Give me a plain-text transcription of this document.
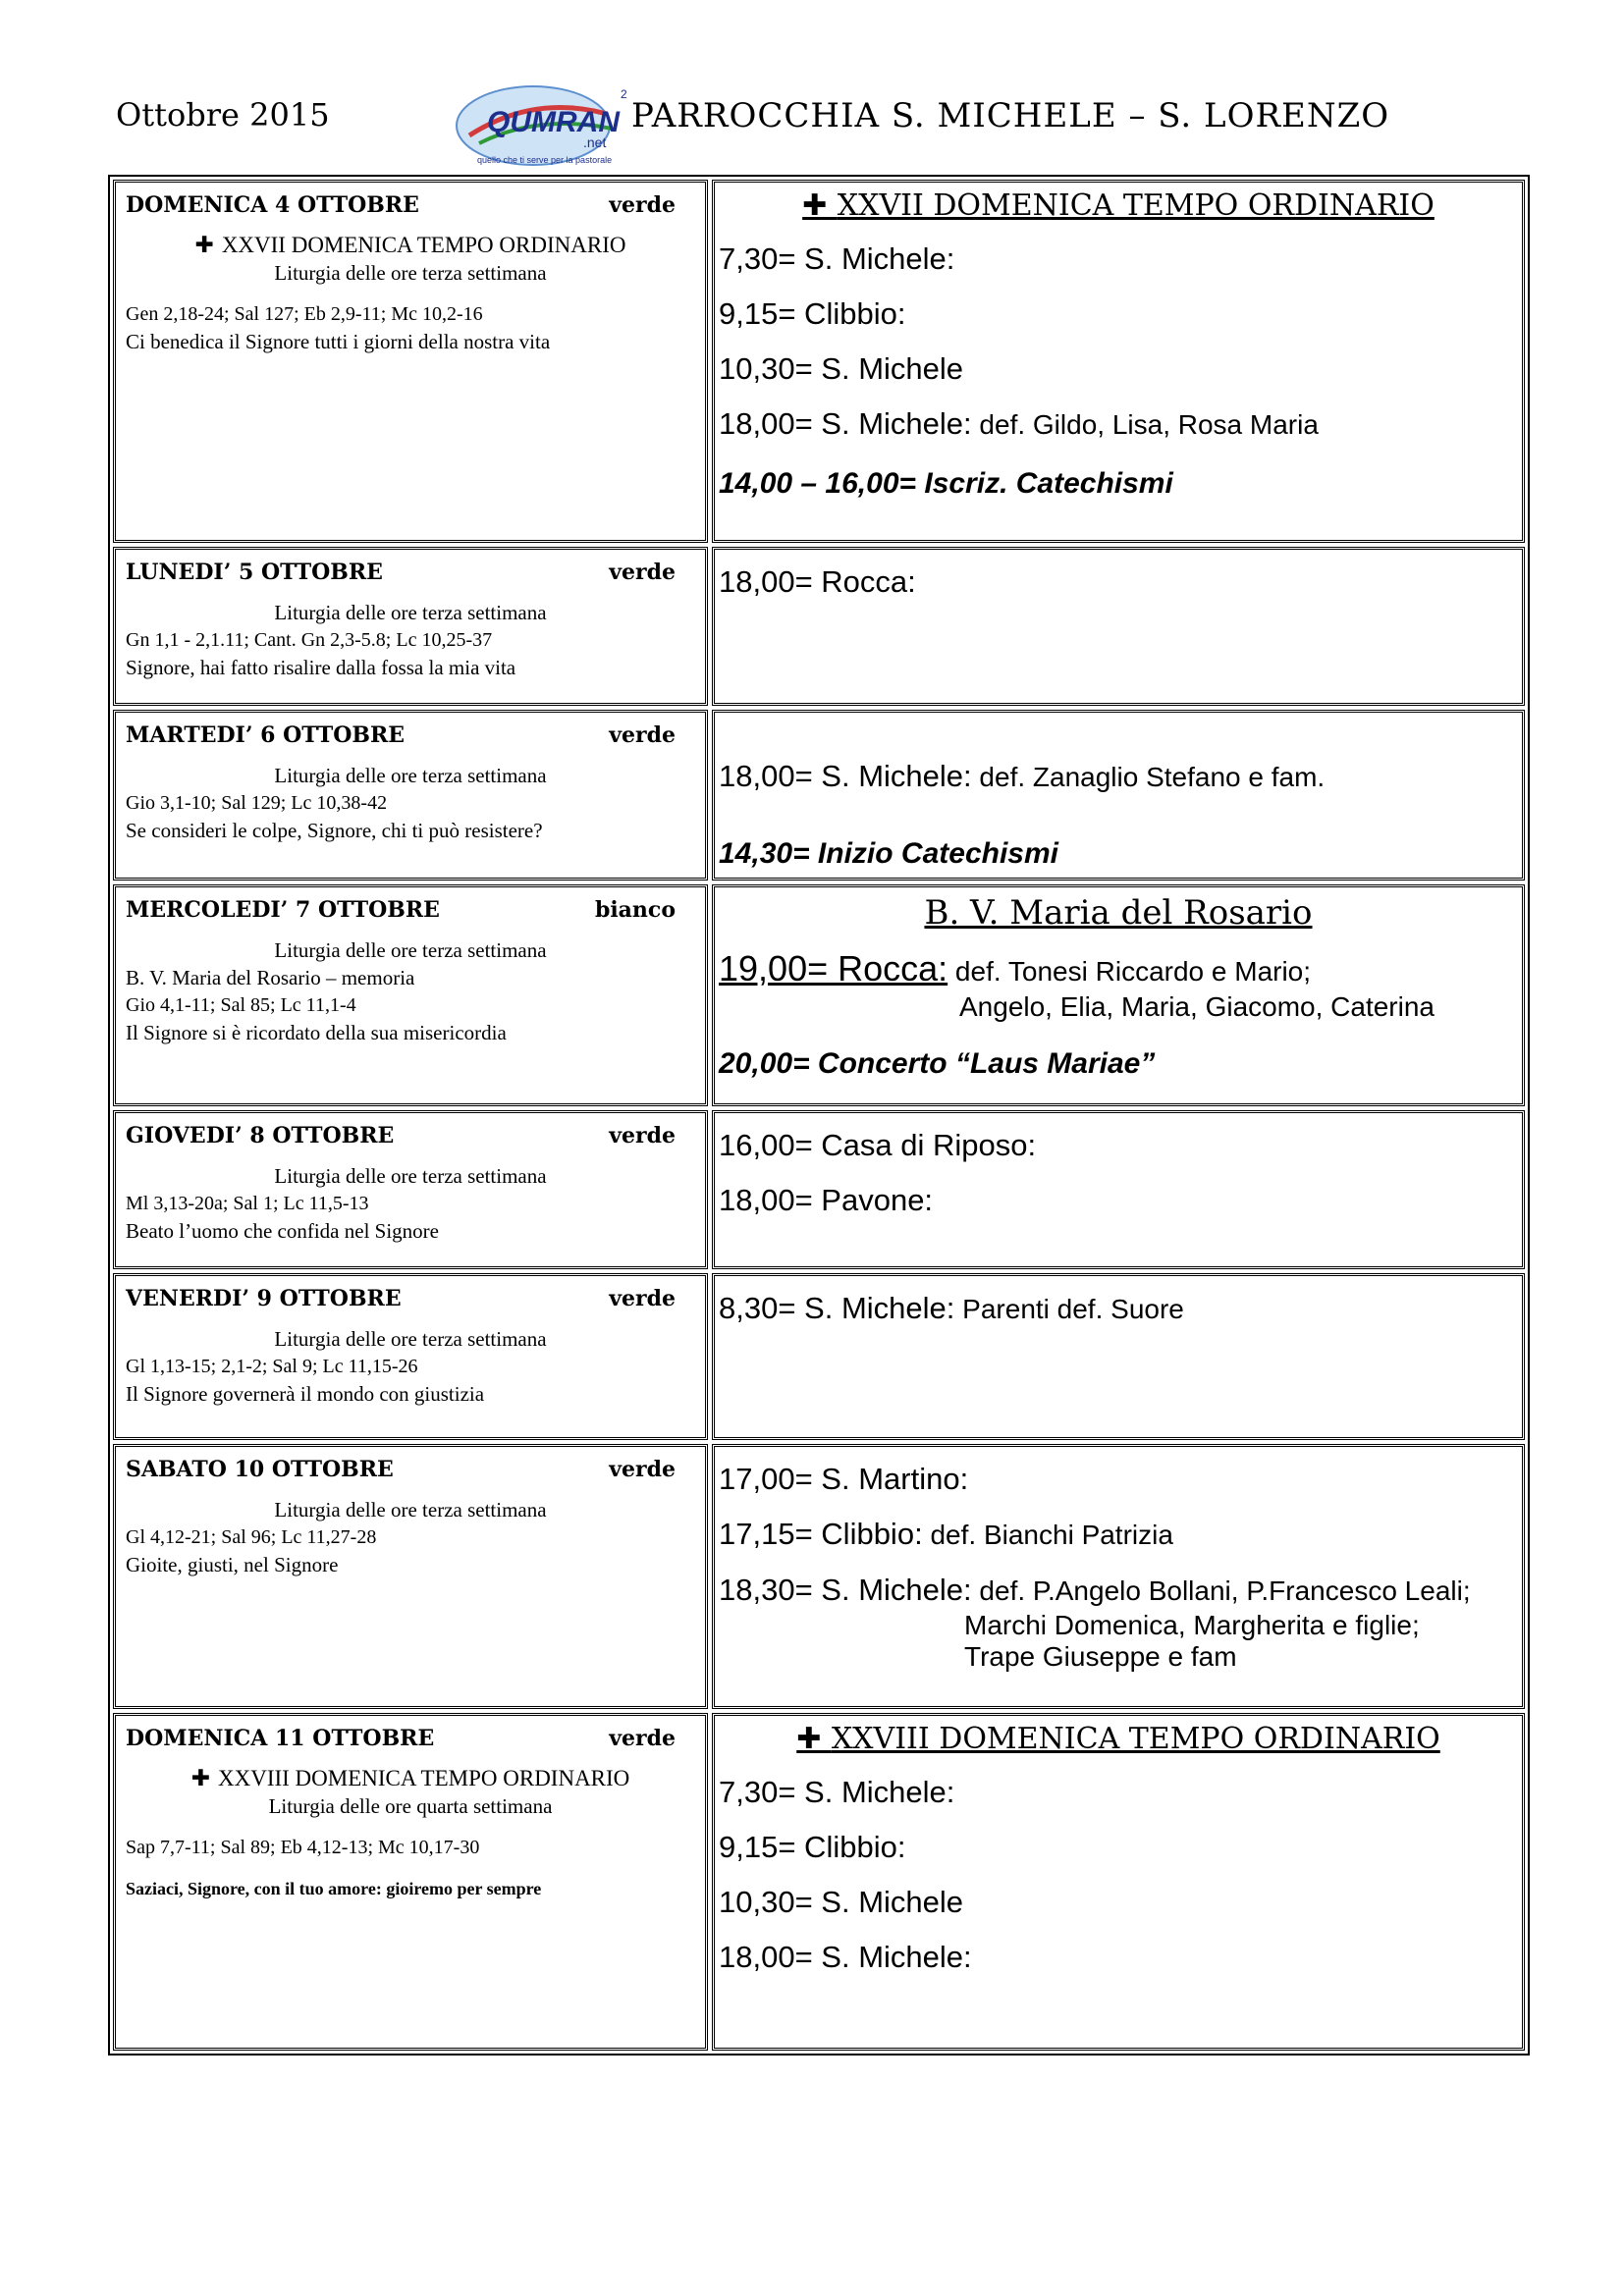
Ottobre 2015	QUMRAN
.net
2
quello che ti serve per la pastorale
PARROCCHIA S. MICHELE – S. LORENZO
DOMENICA 4 OTTOBRE	verde
✚ XXVII DOMENICA TEMPO ORDINARIO
Liturgia delle ore terza settimana
Gen 2,18-24; Sal 127; Eb 2,9-11; Mc 10,2-16
Ci benedica il Signore tutti i giorni della nostra vita
✚ XXVII DOMENICA TEMPO ORDINARIO
7,30= S. Michele:
9,15= Clibbio:
10,30= S. Michele
18,00= S. Michele: def. Gildo, Lisa, Rosa Maria
14,00 – 16,00= Iscriz. Catechismi
LUNEDI’ 5 OTTOBRE	verde
Liturgia delle ore terza settimana
Gn 1,1 - 2,1.11; Cant. Gn 2,3-5.8; Lc 10,25-37
Signore, hai fatto risalire dalla fossa la mia vita
18,00= Rocca:
MARTEDI’ 6 OTTOBRE	verde
Liturgia delle ore terza settimana
Gio 3,1-10; Sal 129; Lc 10,38-42
Se consideri le colpe, Signore, chi ti può resistere?
18,00= S. Michele: def. Zanaglio Stefano e fam.
14,30= Inizio Catechismi
MERCOLEDI’ 7 OTTOBRE	bianco
Liturgia delle ore terza settimana
B. V. Maria del Rosario – memoria
Gio 4,1-11; Sal 85; Lc 11,1-4
Il Signore si è ricordato della sua misericordia
B. V. Maria del Rosario
19,00= Rocca: def. Tonesi Riccardo e Mario;
Angelo, Elia, Maria, Giacomo, Caterina
20,00= Concerto “Laus Mariae”
GIOVEDI’ 8 OTTOBRE	verde
Liturgia delle ore terza settimana
Ml 3,13-20a; Sal 1; Lc 11,5-13
Beato l’uomo che confida nel Signore
16,00= Casa di Riposo:
18,00= Pavone:
VENERDI’ 9 OTTOBRE	verde
Liturgia delle ore terza settimana
Gl 1,13-15; 2,1-2; Sal 9; Lc 11,15-26
Il Signore governerà il mondo con giustizia
8,30= S. Michele: Parenti def. Suore
SABATO 10 OTTOBRE	verde
Liturgia delle ore terza settimana
Gl 4,12-21; Sal 96; Lc 11,27-28
Gioite, giusti, nel Signore
17,00= S. Martino:
17,15= Clibbio: def. Bianchi Patrizia
18,30= S. Michele: def. P.Angelo Bollani, P.Francesco Leali;
Marchi Domenica, Margherita e figlie;
Trape Giuseppe e fam
DOMENICA 11 OTTOBRE	verde
✚ XXVIII DOMENICA TEMPO ORDINARIO
Liturgia delle ore quarta settimana
Sap 7,7-11; Sal 89; Eb 4,12-13; Mc 10,17-30
Saziaci, Signore, con il tuo amore: gioiremo per sempre
✚ XXVIII DOMENICA TEMPO ORDINARIO
7,30= S. Michele:
9,15= Clibbio:
10,30= S. Michele
18,00= S. Michele:
